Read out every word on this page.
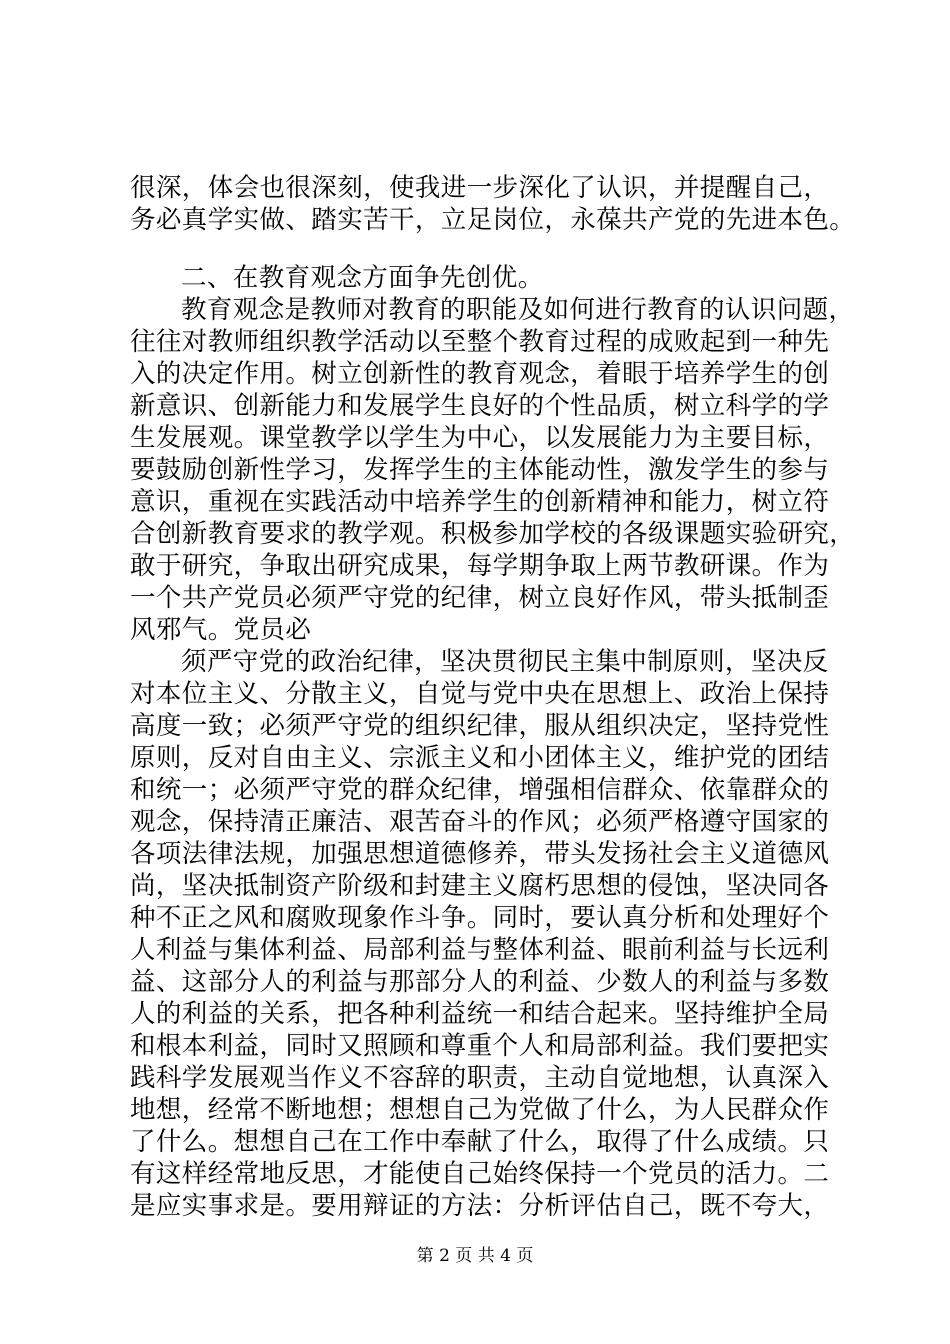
很深，体会也很深刻，使我进一步深化了认识，并提醒自己，
务必真学实做、踏实苦干，立足岗位，永葆共产党的先进本色。
二、在教育观念方面争先创优。
教育观念是教师对教育的职能及如何进行教育的认识问题，
往往对教师组织教学活动以至整个教育过程的成败起到一种先
入的决定作用。树立创新性的教育观念，着眼于培养学生的创
新意识、创新能力和发展学生良好的个性品质，树立科学的学
生发展观。课堂教学以学生为中心，以发展能力为主要目标，
要鼓励创新性学习，发挥学生的主体能动性，激发学生的参与
意识，重视在实践活动中培养学生的创新精神和能力，树立符
合创新教育要求的教学观。积极参加学校的各级课题实验研究，
敢于研究，争取出研究成果，每学期争取上两节教研课。作为
一个共产党员必须严守党的纪律，树立良好作风，带头抵制歪
风邪气。党员必
须严守党的政治纪律，坚决贯彻民主集中制原则，坚决反
对本位主义、分散主义，自觉与党中央在思想上、政治上保持
高度一致；必须严守党的组织纪律，服从组织决定，坚持党性
原则，反对自由主义、宗派主义和小团体主义，维护党的团结
和统一；必须严守党的群众纪律，增强相信群众、依靠群众的
观念，保持清正廉洁、艰苦奋斗的作风；必须严格遵守国家的
各项法律法规，加强思想道德修养，带头发扬社会主义道德风
尚，坚决抵制资产阶级和封建主义腐朽思想的侵蚀，坚决同各
种不正之风和腐败现象作斗争。同时，要认真分析和处理好个
人利益与集体利益、局部利益与整体利益、眼前利益与长远利
益、这部分人的利益与那部分人的利益、少数人的利益与多数
人的利益的关系，把各种利益统一和结合起来。坚持维护全局
和根本利益，同时又照顾和尊重个人和局部利益。我们要把实
践科学发展观当作义不容辞的职责，主动自觉地想，认真深入
地想，经常不断地想；想想自己为党做了什么，为人民群众作
了什么。想想自己在工作中奉献了什么，取得了什么成绩。只
有这样经常地反思，才能使自己始终保持一个党员的活力。二
是应实事求是。要用辩证的方法：分析评估自己，既不夸大，
第 2 页 共 4 页
